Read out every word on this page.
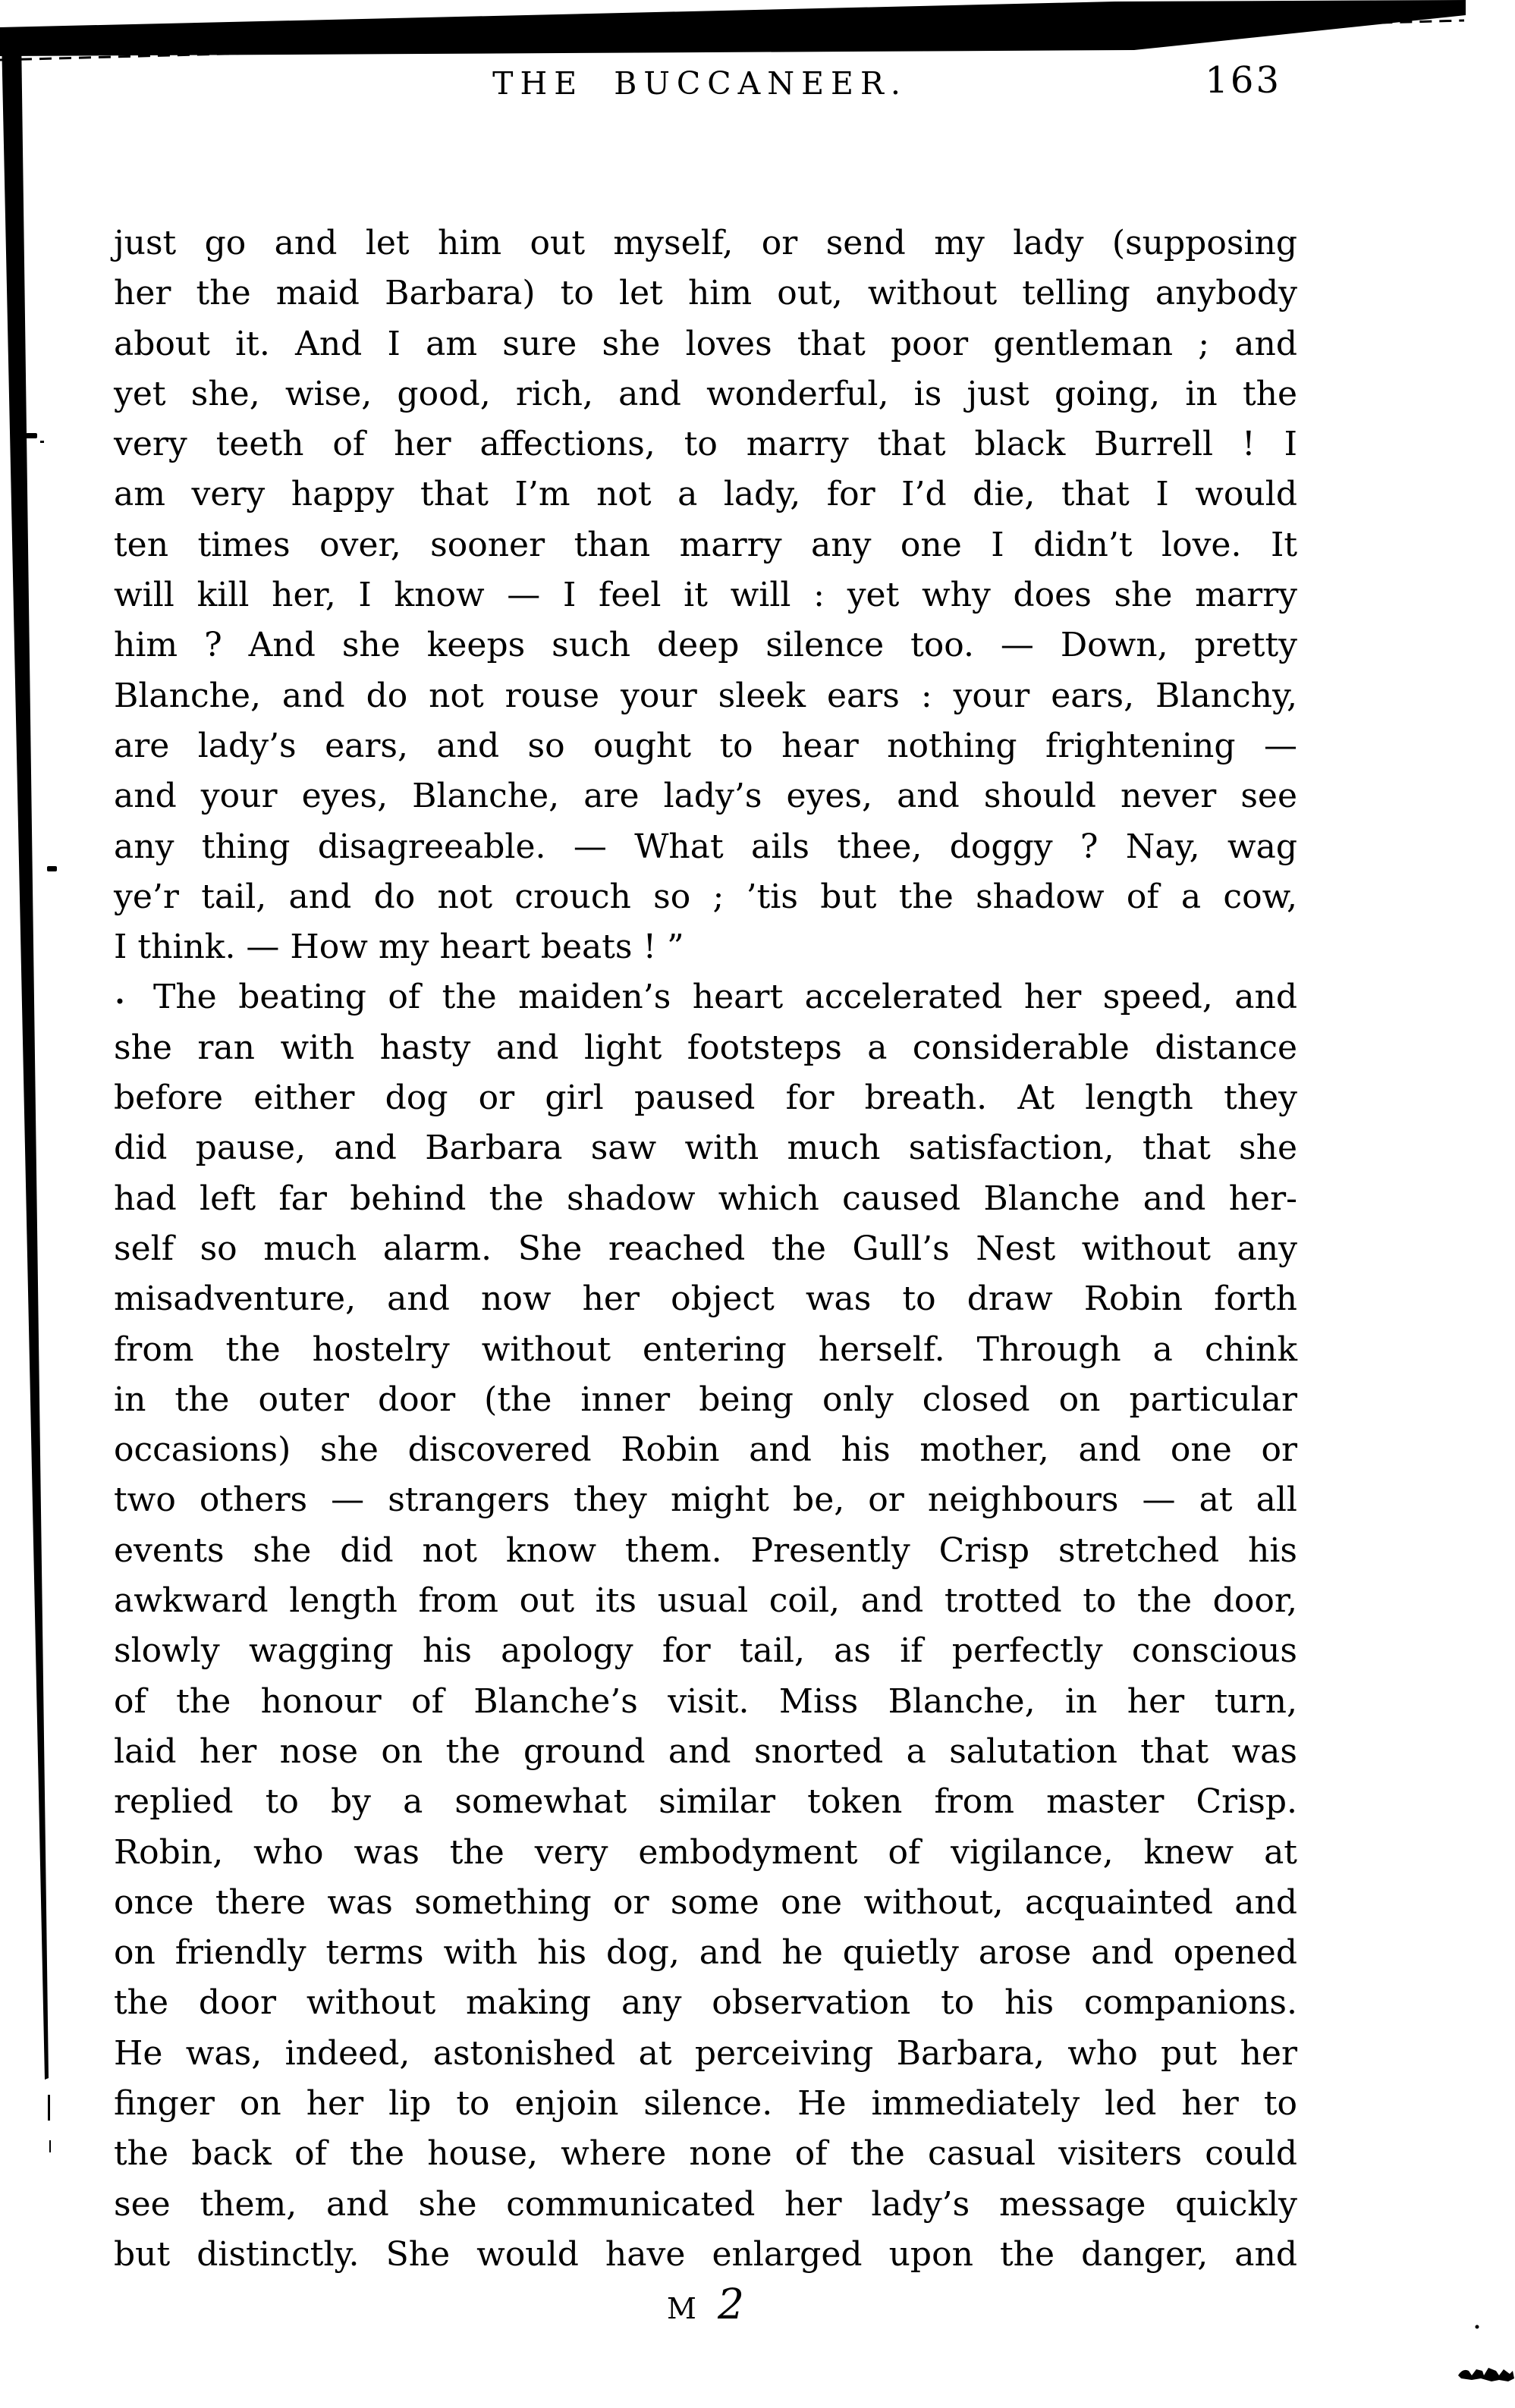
THE BUCCANEER.	163
just go and let him out myself, or send my lady (supposing
her the maid Barbara) to let him out, without telling anybody
about it. And I am sure she loves that poor gentleman ; and
yet she, wise, good, rich, and wonderful, is just going, in the
very teeth of her affections, to marry that black Burrell ! I
am very happy that I’m not a lady, for I’d die, that I would
ten times over, sooner than marry any one I didn’t love. It
will kill her, I know — I feel it will : yet why does she marry
him ? And she keeps such deep silence too. — Down, pretty
Blanche, and do not rouse your sleek ears : your ears, Blanchy,
are lady’s ears, and so ought to hear nothing frightening —
and your eyes, Blanche, are lady’s eyes, and should never see
any thing disagreeable. — What ails thee, doggy ? Nay, wag
ye’r tail, and do not crouch so ; ’tis but the shadow of a cow,
I think. — How my heart beats ! ”
The beating of the maiden’s heart accelerated her speed, and
she ran with hasty and light footsteps a considerable distance
before either dog or girl paused for breath. At length they
did pause, and Barbara saw with much satisfaction, that she
had left far behind the shadow which caused Blanche and her-
self so much alarm. She reached the Gull’s Nest without any
misadventure, and now her object was to draw Robin forth
from the hostelry without entering herself. Through a chink
in the outer door (the inner being only closed on particular
occasions) she discovered Robin and his mother, and one or
two others — strangers they might be, or neighbours — at all
events she did not know them. Presently Crisp stretched his
awkward length from out its usual coil, and trotted to the door,
slowly wagging his apology for tail, as if perfectly conscious
of the honour of Blanche’s visit. Miss Blanche, in her turn,
laid her nose on the ground and snorted a salutation that was
replied to by a somewhat similar token from master Crisp.
Robin, who was the very embodyment of vigilance, knew at
once there was something or some one without, acquainted and
on friendly terms with his dog, and he quietly arose and opened
the door without making any observation to his companions.
He was, indeed, astonished at perceiving Barbara, who put her
finger on her lip to enjoin silence. He immediately led her to
the back of the house, where none of the casual visiters could
see them, and she communicated her lady’s message quickly
but distinctly. She would have enlarged upon the danger, and
M 2
